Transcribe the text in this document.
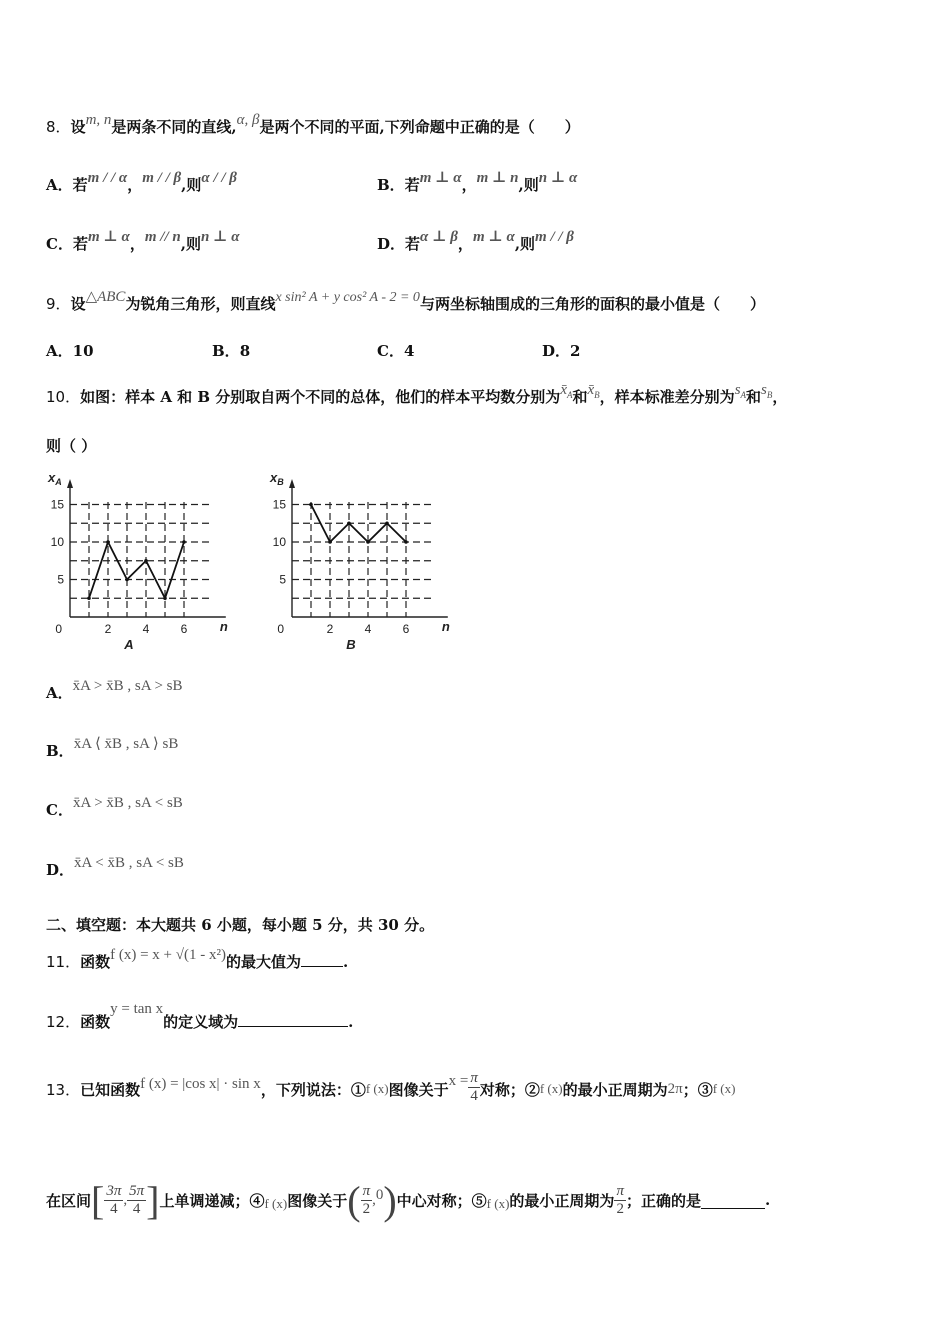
8．设m, n是两条不同的直线,α, β是两个不同的平面,下列命题中正确的是（　　）
A．若m / / α，m / / β,则α / / β	B．若m ⊥ α，m ⊥ n,则n ⊥ α
C．若m ⊥ α，m // n,则n ⊥ α	D．若α ⊥ β，m ⊥ α,则m / / β
9．设△ABC为锐角三角形，则直线x sin² A + y cos² A - 2 = 0与两坐标轴围成的三角形的面积的最小值是（　　）
A．10	B．8	C．4	D．2
10．如图：样本 A 和 B 分别取自两个不同的总体，他们的样本平均数分别为$x̄_A$和$x̄_B$，样本标准差分别为$s_A$和$s_B$，
则（ ）
5
10
15
0	2	4	6 n
$x_A$
A
5
10
15
0	2	4	6 n
$x_B$
B
A．x̄A > x̄B , sA > sB
B．x̄A ⟨ x̄B , sA ⟩ sB
C．x̄A > x̄B , sA < sB
D．x̄A < x̄B , sA < sB
二、填空题：本大题共 6 小题，每小题 5 分，共 30 分。
11．函数f (x) = x + √(1 - x²)的最大值为	.
12．函数y = tan x的定义域为	.
13． 已知函数 f (x) = |cos x| · sin x ，下列说法：① f (x) 图像关于 $x = \frac{\pi}{4}$ 对称；② f (x) 的最小正周期为 2π ；③ f (x)
在区间 [ $\frac{3\pi}{4}$ , $\frac{5\pi}{4}$ ] 上单调递减；④ f (x) 图像关于 ( $\frac{\pi}{2}$ , 0 ) 中心对称；⑤ f (x) 的最小正周期为 $\frac{\pi}{2}$ ；正确的是	.
